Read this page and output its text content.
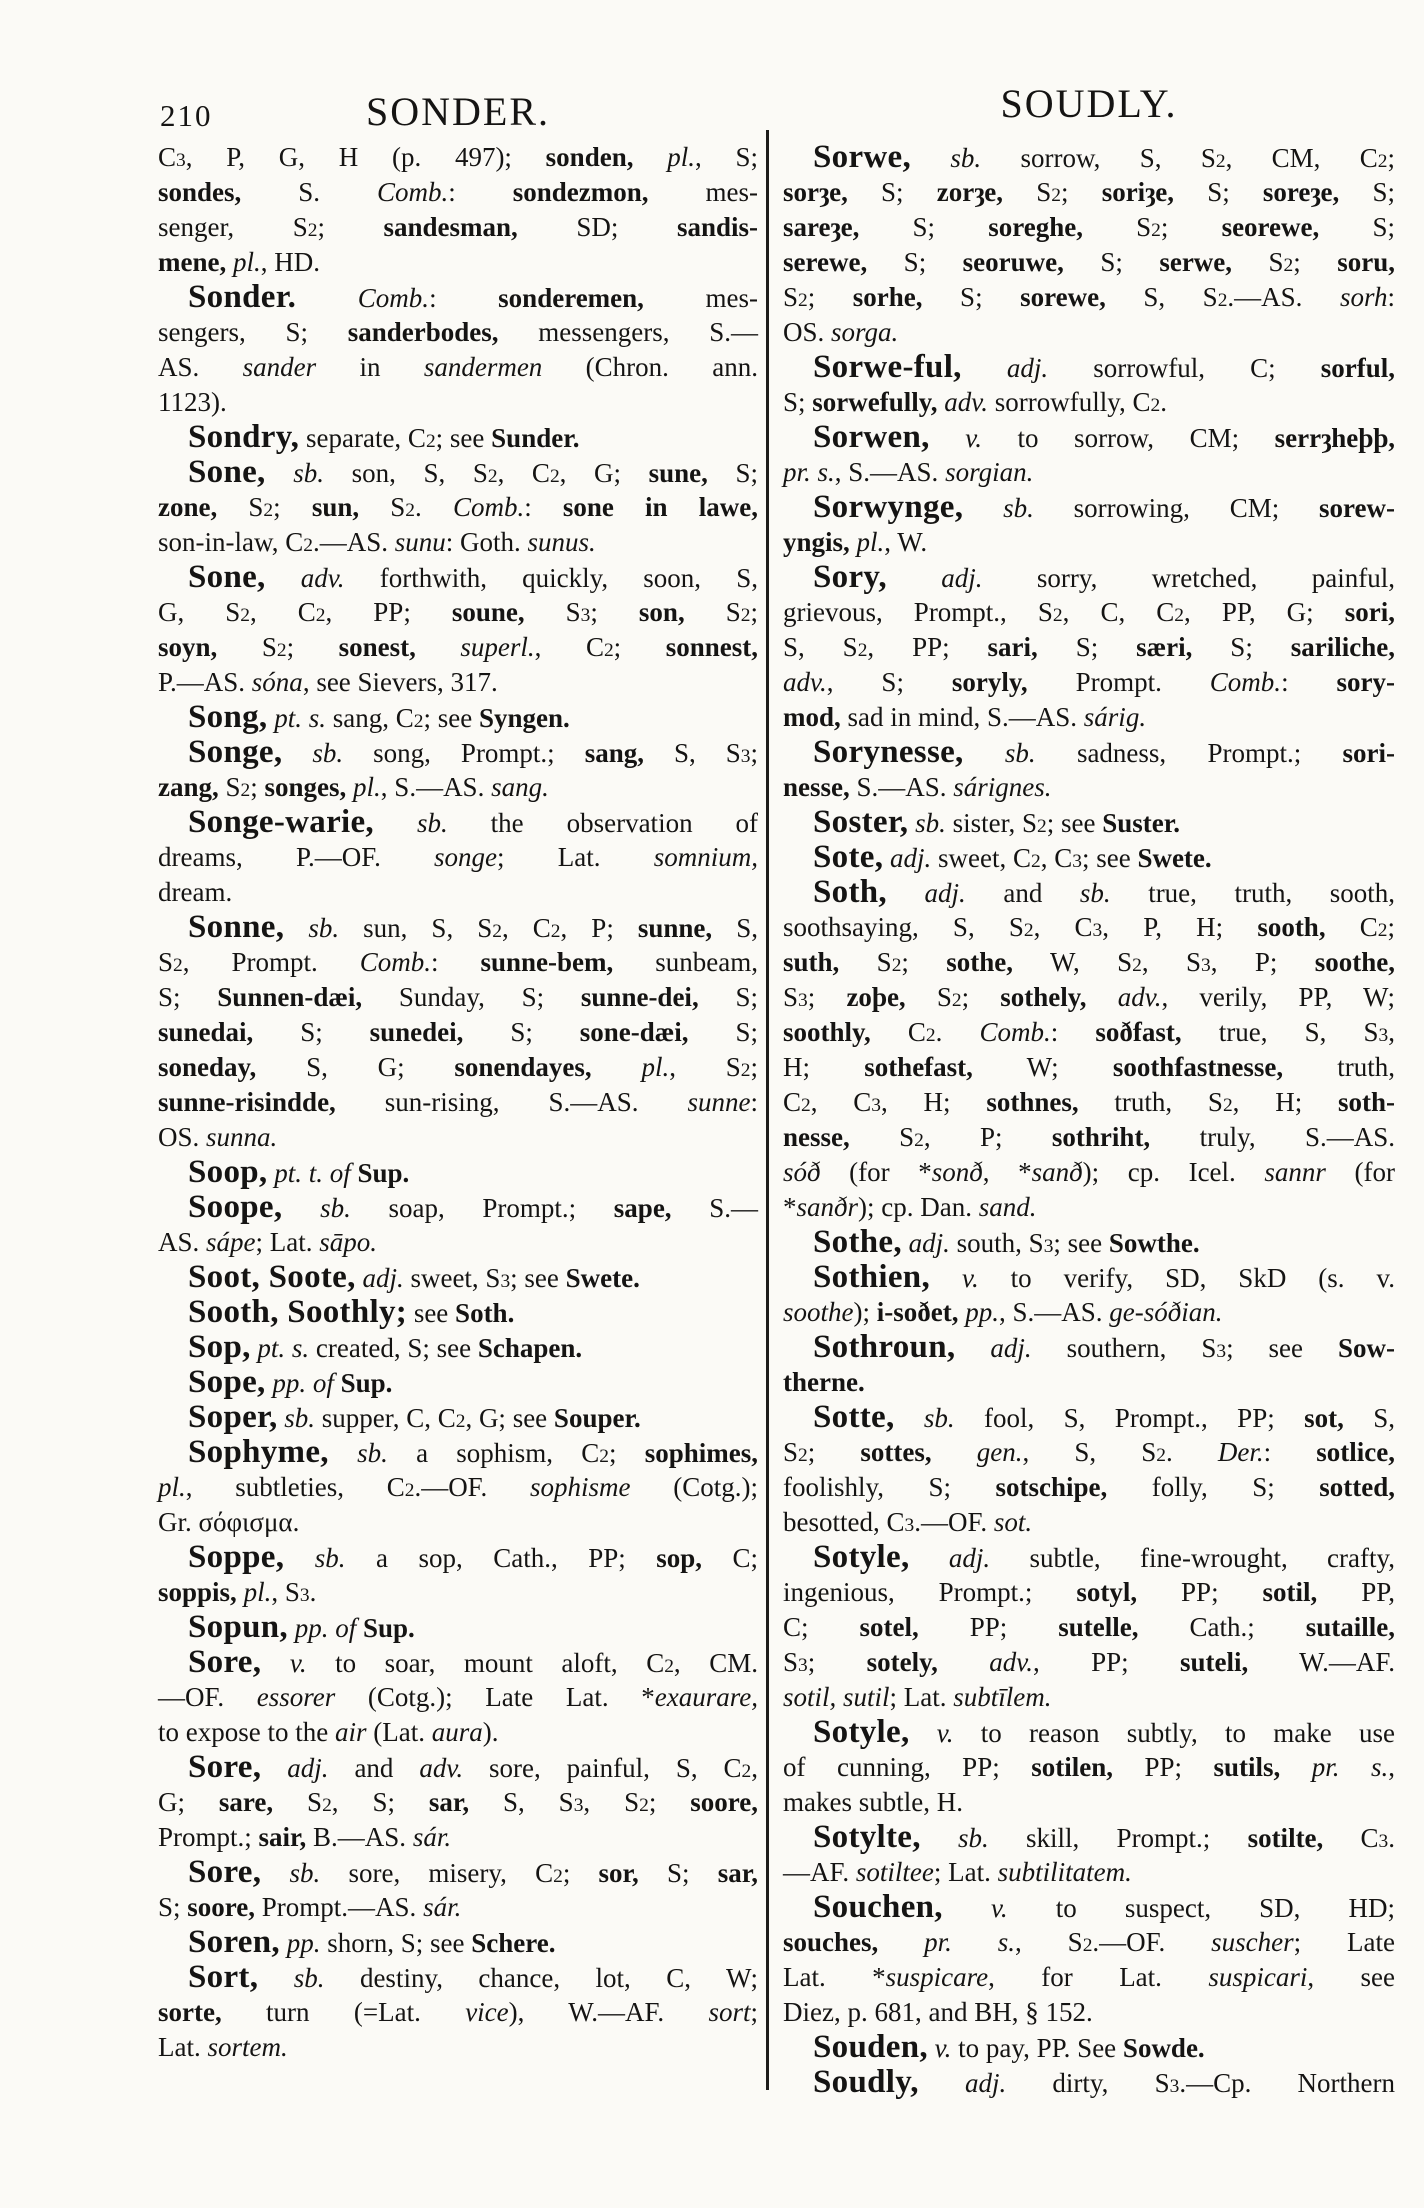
210	SONDER.	SOUDLY.
C3, P, G, H (p. 497); sonden, pl., S;
sondes, S. Comb.: sondezmon, mes-
senger, S2; sandesman, SD; sandis-
mene, pl., HD.
Sonder. Comb.: sonderemen, mes-
sengers, S; sanderbodes, messengers, S.—
AS. sander in sandermen (Chron. ann.
1123).
Sondry, separate, C2; see Sunder.
Sone, sb. son, S, S2, C2, G; sune, S;
zone, S2; sun, S2. Comb.: sone in lawe,
son-in-law, C2.—AS. sunu: Goth. sunus.
Sone, adv. forthwith, quickly, soon, S,
G, S2, C2, PP; soune, S3; son, S2;
soyn, S2; sonest, superl., C2; sonnest,
P.—AS. sóna, see Sievers, 317.
Song, pt. s. sang, C2; see Syngen.
Songe, sb. song, Prompt.; sang, S, S3;
zang, S2; songes, pl., S.—AS. sang.
Songe-warie, sb. the observation of
dreams, P.—OF. songe; Lat. somnium,
dream.
Sonne, sb. sun, S, S2, C2, P; sunne, S,
S2, Prompt. Comb.: sunne-bem, sunbeam,
S; Sunnen-dæi, Sunday, S; sunne-dei, S;
sunedai, S; sunedei, S; sone-dæi, S;
soneday, S, G; sonendayes, pl., S2;
sunne-risindde, sun-rising, S.—AS. sunne:
OS. sunna.
Soop, pt. t. of Sup.
Soope, sb. soap, Prompt.; sape, S.—
AS. sápe; Lat. sāpo.
Soot, Soote, adj. sweet, S3; see Swete.
Sooth, Soothly; see Soth.
Sop, pt. s. created, S; see Schapen.
Sope, pp. of Sup.
Soper, sb. supper, C, C2, G; see Souper.
Sophyme, sb. a sophism, C2; sophimes,
pl., subtleties, C2.—OF. sophisme (Cotg.);
Gr. σόφισμα.
Soppe, sb. a sop, Cath., PP; sop, C;
soppis, pl., S3.
Sopun, pp. of Sup.
Sore, v. to soar, mount aloft, C2, CM.
—OF. essorer (Cotg.); Late Lat. *exaurare,
to expose to the air (Lat. aura).
Sore, adj. and adv. sore, painful, S, C2,
G; sare, S2, S; sar, S, S3, S2; soore,
Prompt.; sair, B.—AS. sár.
Sore, sb. sore, misery, C2; sor, S; sar,
S; soore, Prompt.—AS. sár.
Soren, pp. shorn, S; see Schere.
Sort, sb. destiny, chance, lot, C, W;
sorte, turn (=Lat. vice), W.—AF. sort;
Lat. sortem.
Sorwe, sb. sorrow, S, S2, CM, C2;
sorȝe, S; zorȝe, S2; soriȝe, S; soreȝe, S;
sareȝe, S; soreghe, S2; seorewe, S;
serewe, S; seoruwe, S; serwe, S2; soru,
S2; sorhe, S; sorewe, S, S2.—AS. sorh:
OS. sorga.
Sorwe-ful, adj. sorrowful, C; sorful,
S; sorwefully, adv. sorrowfully, C2.
Sorwen, v. to sorrow, CM; serrȝheþþ,
pr. s., S.—AS. sorgian.
Sorwynge, sb. sorrowing, CM; sorew-
yngis, pl., W.
Sory, adj. sorry, wretched, painful,
grievous, Prompt., S2, C, C2, PP, G; sori,
S, S2, PP; sari, S; særi, S; sariliche,
adv., S; soryly, Prompt. Comb.: sory-
mod, sad in mind, S.—AS. sárig.
Sorynesse, sb. sadness, Prompt.; sori-
nesse, S.—AS. sárignes.
Soster, sb. sister, S2; see Suster.
Sote, adj. sweet, C2, C3; see Swete.
Soth, adj. and sb. true, truth, sooth,
soothsaying, S, S2, C3, P, H; sooth, C2;
suth, S2; sothe, W, S2, S3, P; soothe,
S3; zoþe, S2; sothely, adv., verily, PP, W;
soothly, C2. Comb.: soðfast, true, S, S3,
H; sothefast, W; soothfastnesse, truth,
C2, C3, H; sothnes, truth, S2, H; soth-
nesse, S2, P; sothriht, truly, S.—AS.
sóð (for *sonð, *sanð); cp. Icel. sannr (for
*sanðr); cp. Dan. sand.
Sothe, adj. south, S3; see Sowthe.
Sothien, v. to verify, SD, SkD (s. v.
soothe); i-soðet, pp., S.—AS. ge-sóðian.
Sothroun, adj. southern, S3; see Sow-
therne.
Sotte, sb. fool, S, Prompt., PP; sot, S,
S2; sottes, gen., S, S2. Der.: sotlice,
foolishly, S; sotschipe, folly, S; sotted,
besotted, C3.—OF. sot.
Sotyle, adj. subtle, fine-wrought, crafty,
ingenious, Prompt.; sotyl, PP; sotil, PP,
C; sotel, PP; sutelle, Cath.; sutaille,
S3; sotely, adv., PP; suteli, W.—AF.
sotil, sutil; Lat. subtīlem.
Sotyle, v. to reason subtly, to make use
of cunning, PP; sotilen, PP; sutils, pr. s.,
makes subtle, H.
Sotylte, sb. skill, Prompt.; sotilte, C3.
—AF. sotiltee; Lat. subtilitatem.
Souchen, v. to suspect, SD, HD;
souches, pr. s., S2.—OF. suscher; Late
Lat. *suspicare, for Lat. suspicari, see
Diez, p. 681, and BH, § 152.
Souden, v. to pay, PP. See Sowde.
Soudly, adj. dirty, S3.—Cp. Northern
